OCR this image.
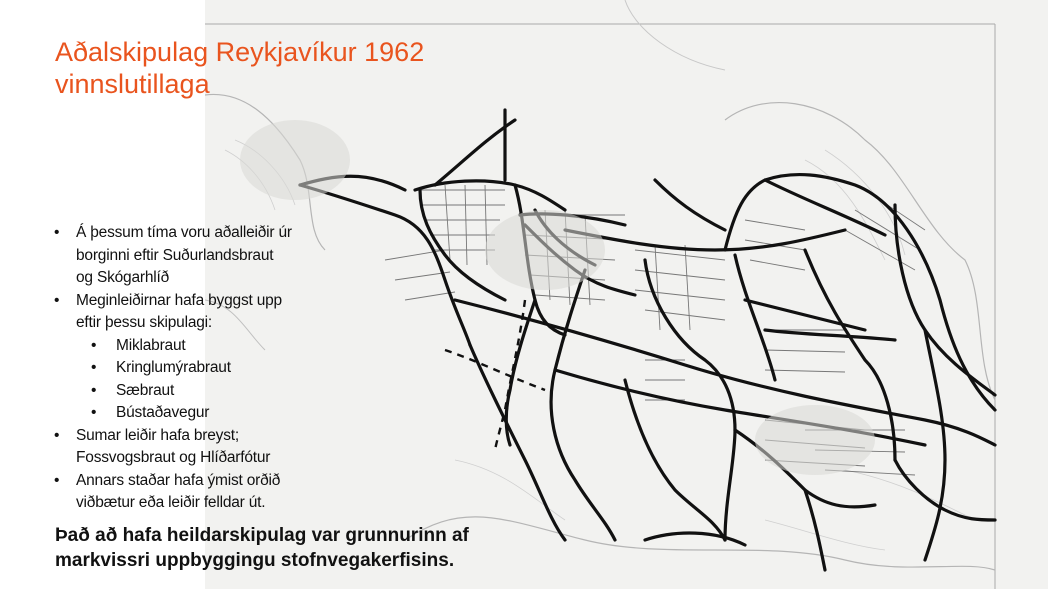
Aðalskipulag Reykjavíkur 1962
vinnslutillaga
• Á þessum tíma voru aðalleiðir úr
borginni eftir Suðurlandsbraut
og Skógarhlíð
• Meginleiðirnar hafa byggst upp
eftir þessu skipulagi:
• Miklabraut
• Kringlumýrabraut
• Sæbraut
• Bústaðavegur
• Sumar leiðir hafa breyst;
Fossvogsbraut og Hlíðarfótur
• Annars staðar hafa ýmist orðið
viðbætur eða leiðir felldar út.

Það að hafa heildarskipulag var grunnurinn af
markvissri uppbyggingu stofnvegakerfisins.
